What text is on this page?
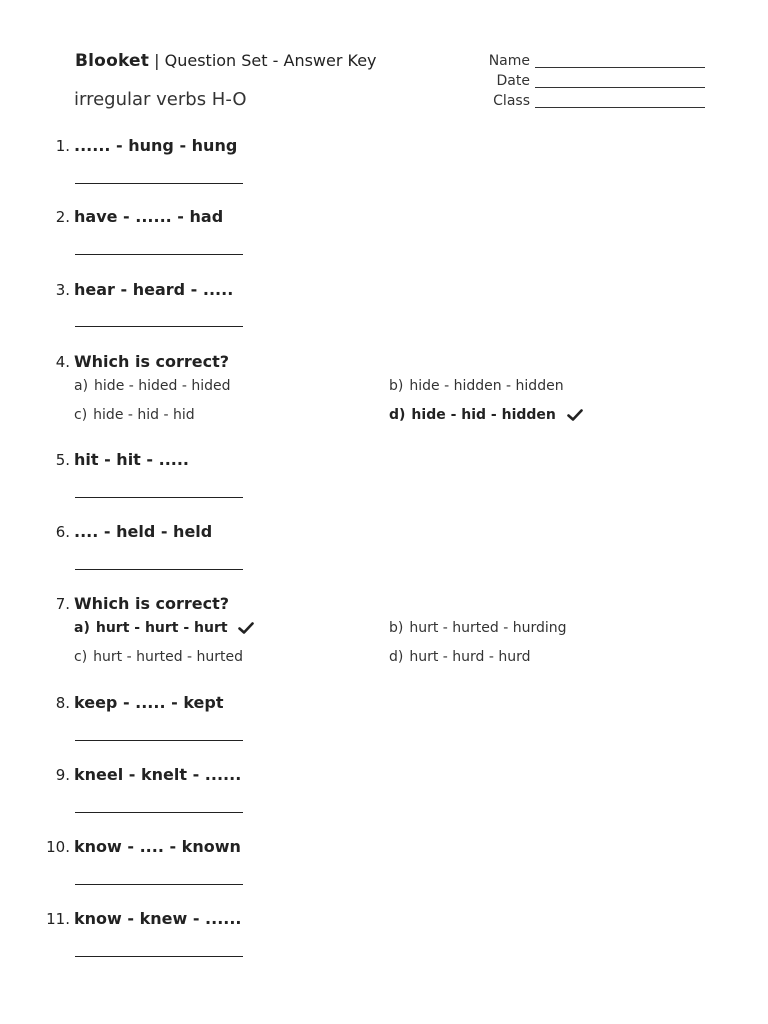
Blooket | Question Set - Answer Key
irregular verbs H-O
Name
Date
Class
1. ...... - hung - hung
2. have - ...... - had
3. hear - heard - .....
4. Which is correct?
a) hide - hided - hided	b) hide - hidden - hidden
c) hide - hid - hid	d) hide - hid - hidden
5. hit - hit - .....
6. .... - held - held
7. Which is correct?
a) hurt - hurt - hurt	b) hurt - hurted - hurding
c) hurt - hurted - hurted	d) hurt - hurd - hurd
8. keep - ..... - kept
9. kneel - knelt - ......
10. know - .... - known
11. know - knew - ......
